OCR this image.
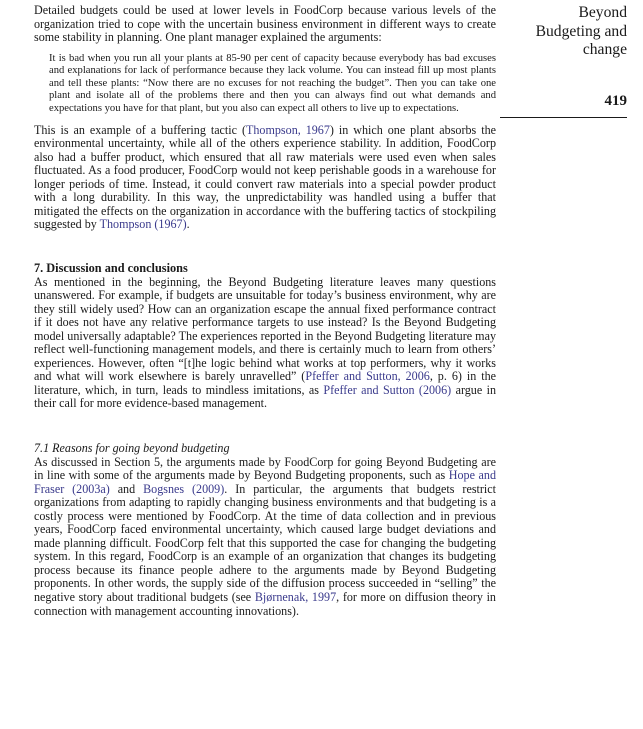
Detailed budgets could be used at lower levels in FoodCorp because various levels of the organization tried to cope with the uncertain business environment in different ways to create some stability in planning. One plant manager explained the arguments:

It is bad when you run all your plants at 85-90 per cent of capacity because everybody has bad excuses and explanations for lack of performance because they lack volume. You can instead fill up most plants and tell these plants: “Now there are no excuses for not reaching the budget”. Then you can take one plant and isolate all of the problems there and then you can always find out what demands and expectations you have for that plant, but you also can expect all others to live up to expectations.

This is an example of a buffering tactic (Thompson, 1967) in which one plant absorbs the environmental uncertainty, while all of the others experience stability. In addition, FoodCorp also had a buffer product, which ensured that all raw materials were used even when sales fluctuated. As a food producer, FoodCorp would not keep perishable goods in a warehouse for longer periods of time. Instead, it could convert raw materials into a special powder product with a long durability. In this way, the unpredictability was handled using a buffer that mitigated the effects on the organization in accordance with the buffering tactics of stockpiling suggested by Thompson (1967).

7. Discussion and conclusions

As mentioned in the beginning, the Beyond Budgeting literature leaves many questions unanswered. For example, if budgets are unsuitable for today’s business environment, why are they still widely used? How can an organization escape the annual fixed performance contract if it does not have any relative performance targets to use instead? Is the Beyond Budgeting model universally adaptable? The experiences reported in the Beyond Budgeting literature may reflect well-functioning management models, and there is certainly much to learn from others’ experiences. However, often “[t]he logic behind what works at top performers, why it works and what will work elsewhere is barely unravelled” (Pfeffer and Sutton, 2006, p. 6) in the literature, which, in turn, leads to mindless imitations, as Pfeffer and Sutton (2006) argue in their call for more evidence-based management.

7.1 Reasons for going beyond budgeting

As discussed in Section 5, the arguments made by FoodCorp for going Beyond Budgeting are in line with some of the arguments made by Beyond Budgeting proponents, such as Hope and Fraser (2003a) and Bogsnes (2009). In particular, the arguments that budgets restrict organizations from adapting to rapidly changing business environments and that budgeting is a costly process were mentioned by FoodCorp. At the time of data collection and in previous years, FoodCorp faced environmental uncertainty, which caused large budget deviations and made planning difficult. FoodCorp felt that this supported the case for changing the budgeting system. In this regard, FoodCorp is an example of an organization that changes its budgeting process because its finance people adhere to the arguments made by Beyond Budgeting proponents. In other words, the supply side of the diffusion process succeeded in “selling” the negative story about traditional budgets (see Bjørnenak, 1997, for more on diffusion theory in connection with management accounting innovations).

Beyond

Budgeting and

change

419
